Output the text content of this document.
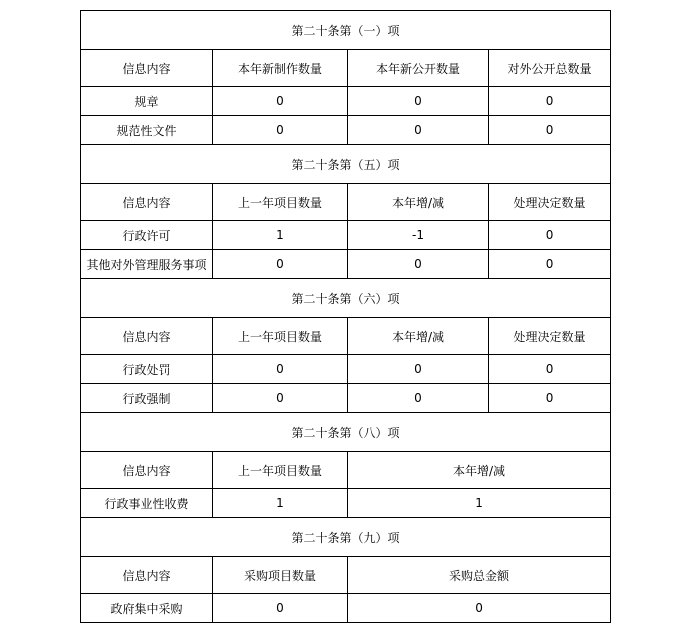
第二十条第（一）项			
信息内容	本年新制作数量	本年新公开数量	对外公开总数量
规章	0	0	0
规范性文件	0	0	0
第二十条第（五）项			
信息内容	上一年项目数量	本年增/减	处理决定数量
行政许可	1	-1	0
其他对外管理服务事项	0	0	0
第二十条第（六）项			
信息内容	上一年项目数量	本年增/减	处理决定数量
行政处罚	0	0	0
行政强制	0	0	0
第二十条第（八）项			
信息内容	上一年项目数量	本年增/减	
行政事业性收费	1	1	
第二十条第（九）项			
信息内容	采购项目数量	采购总金额	
政府集中采购	0	0	
